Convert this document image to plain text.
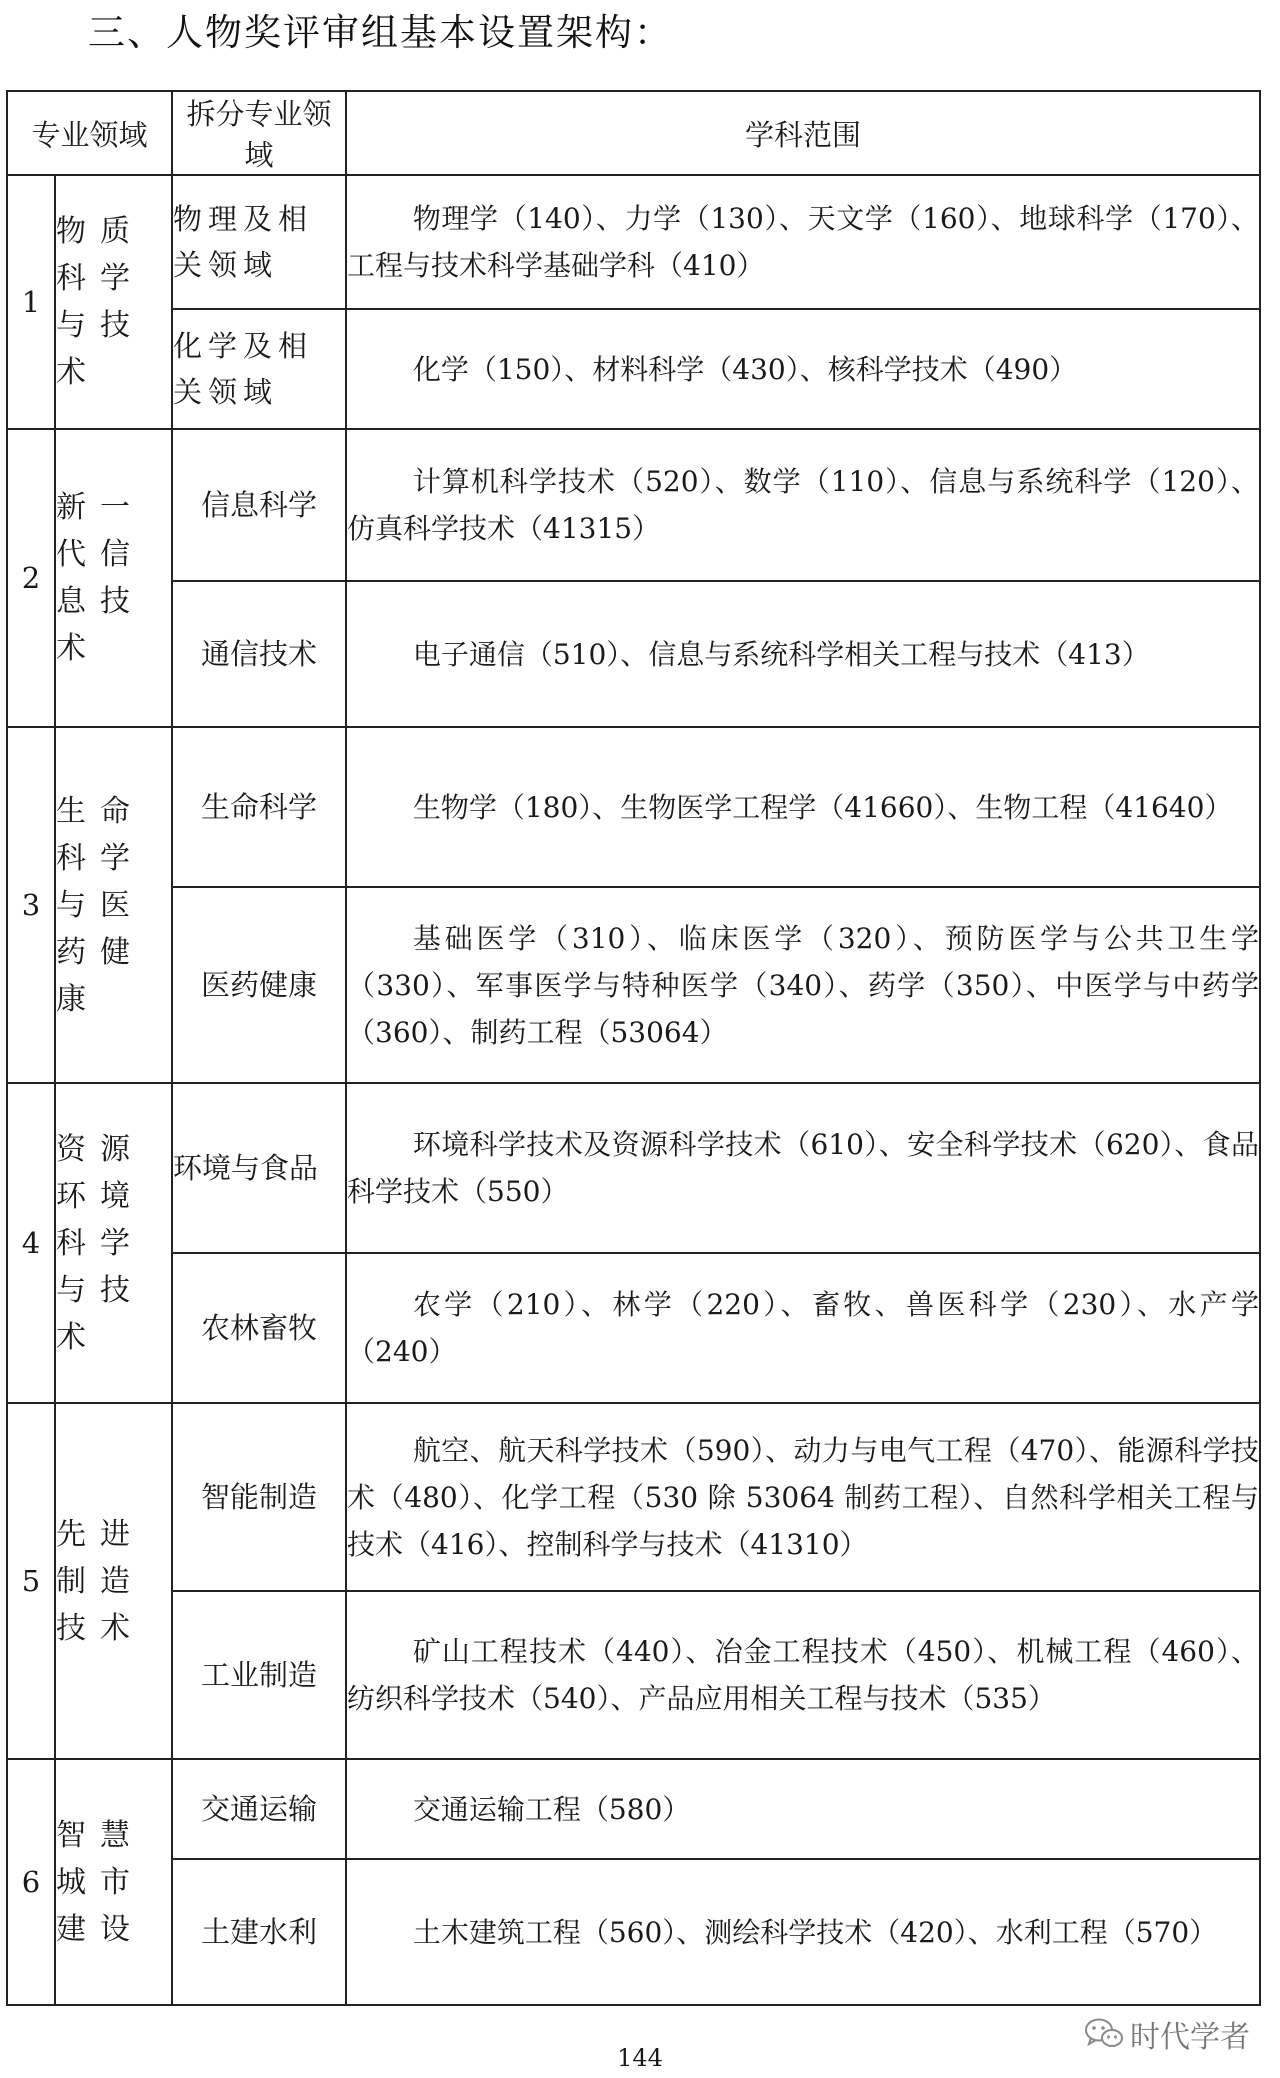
三、人物奖评审组基本设置架构：
专业领域		拆分专业领域	学科范围
1	物质科学与技术	物理及相关领域	物理学（140）、力学（130）、天文学（160）、地球科学（170）、工程与技术科学基础学科（410）

		化学及相关领域	化学（150）、材料科学（430）、核科学技术（490）

2	新一代信息技术	信息科学	计算机科学技术（520）、数学（110）、信息与系统科学（120）、仿真科学技术（41315）

		通信技术	电子通信（510）、信息与系统科学相关工程与技术（413）

3	生命科学与医药健康	生命科学	生物学（180）、生物医学工程学（41660）、生物工程（41640）

		医药健康	基础医学（310）、临床医学（320）、预防医学与公共卫生学（330）、军事医学与特种医学（340）、药学（350）、中医学与中药学（360）、制药工程（53064）

4	资源环境科学与技术	环境与食品	环境科学技术及资源科学技术（610）、安全科学技术（620）、食品科学技术（550）

		农林畜牧	农学（210）、林学（220）、畜牧、兽医科学（230）、水产学（240）

5	先进制造技术	智能制造	航空、航天科学技术（590）、动力与电气工程（470）、能源科学技术（480）、化学工程（530 除 53064 制药工程）、自然科学相关工程与技术（416）、控制科学与技术（41310）

		工业制造	矿山工程技术（440）、冶金工程技术（450）、机械工程（460）、纺织科学技术（540）、产品应用相关工程与技术（535）

6	智慧城市建设	交通运输	交通运输工程（580）

		土建水利	土木建筑工程（560）、测绘科学技术（420）、水利工程（570）
时代学者
144
